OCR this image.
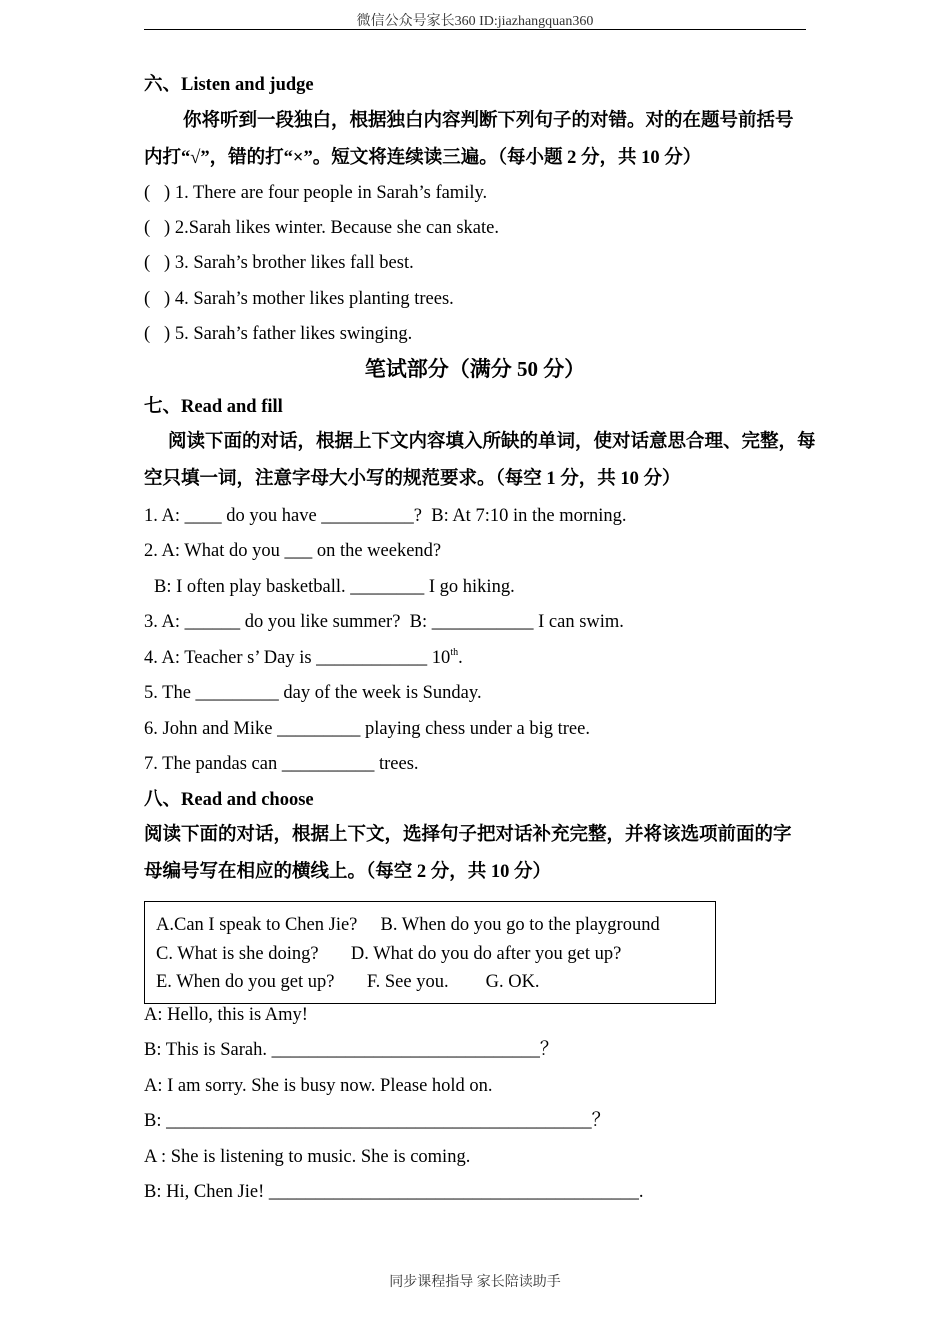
微信公众号家长360 ID:jiazhangquan360
六、Listen and judge
你将听到一段独白，根据独白内容判断下列句子的对错。对的在题号前括号
内打“√”，错的打“×”。短文将连续读三遍。（每小题 2 分，共 10 分）
(   ) 1. There are four people in Sarah’s family.
(   ) 2.Sarah likes winter. Because she can skate.
(   ) 3. Sarah’s brother likes fall best.
(   ) 4. Sarah’s mother likes planting trees.
(   ) 5. Sarah’s father likes swinging.
笔试部分（满分 50 分）
七、Read and fill
阅读下面的对话，根据上下文内容填入所缺的单词，使对话意思合理、完整，每
空只填一词，注意字母大小写的规范要求。（每空 1 分，共 10 分）
1. A: ____ do you have __________?  B: At 7:10 in the morning.
2. A: What do you ___ on the weekend?
B: I often play basketball. ________ I go hiking.
3. A: ______ do you like summer?  B: ___________ I can swim.
4. A: Teacher s’ Day is ____________ 10th.
5. The _________ day of the week is Sunday.
6. John and Mike _________ playing chess under a big tree.
7. The pandas can __________ trees.
八、Read and choose
阅读下面的对话，根据上下文，选择句子把对话补充完整，并将该选项前面的字
母编号写在相应的横线上。（每空 2 分，共 10 分）
A.Can I speak to Chen Jie?     B. When do you go to the playground
C. What is she doing?       D. What do you do after you get up?
E. When do you get up?       F. See you.        G. OK.
A: Hello, this is Amy!
B: This is Sarah. _____________________________？
A: I am sorry. She is busy now. Please hold on.
B: ______________________________________________？
A : She is listening to music. She is coming.
B: Hi, Chen Jie! ________________________________________.
同步课程指导 家长陪读助手
